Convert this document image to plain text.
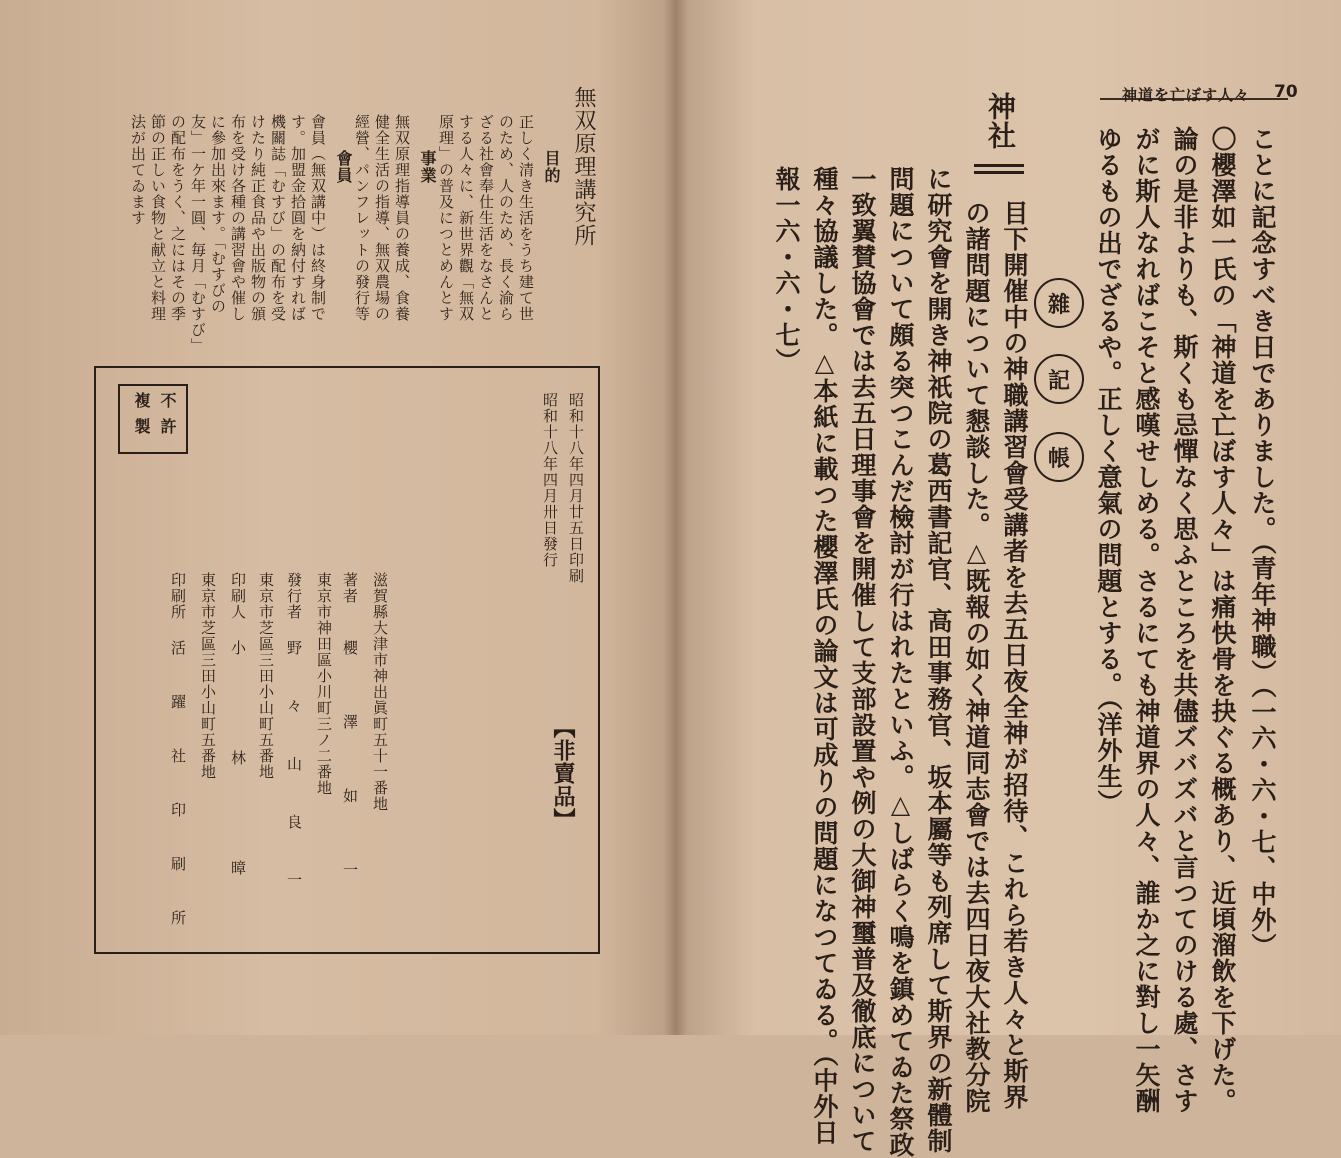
神道を亡ぼす人々 70
ことに記念すべき日でありました。（青年神職）（一六・六・七、中外）
〇櫻澤如一氏の「神道を亡ぼす人々」は痛快骨を抉ぐる概あり、近頃溜飲を下げた。
論の是非よりも、斯くも忌憚なく思ふところを共儘ズバズバと言つてのける處、さす
がに斯人なればこそと感嘆せしめる。さるにても神道界の人々、誰か之に對し一矢酬
ゆるもの出でざるや。正しく意氣の問題とする。（洋外生）
神社
雜
記
帳
目下開催中の神職講習會受講者を去五日夜全神が招待、これら若き人々と斯界
の諸問題について懇談した。△既報の如く神道同志會では去四日夜大社教分院
に研究會を開き神祇院の葛西書記官、高田事務官、坂本屬等も列席して斯界の新體制
問題について頗る突つこんだ檢討が行はれたといふ。△しばらく鳴を鎮めてゐた祭政
一致翼賛協會では去五日理事會を開催して支部設置や例の大御神璽普及徹底について
種々協議した。△本紙に載つた櫻澤氏の論文は可成りの問題になつてゐる。（中外日
報一六・六・七）
無双原理講究所
目的
正しく清き生活をうち建て世
のため、人のため、長く渝ら
ざる社會奉仕生活をなさんと
する人々に、新世界觀「無双
原理」の普及につとめんとす
事業
無双原理指導員の養成、食養
健全生活の指導、無双農場の
經營、パンフレットの發行等
會員
會員（無双講中）は終身制で
す。加盟金拾圓を納付すれば
機關誌「むすび」の配布を受
けたり純正食品や出版物の頒
布を受け各種の講習會や催し
に參加出來ます。「むすびの
友」一ケ年一圓、毎月「むすび」
の配布をうく、之にはその季
節の正しい食物と献立と料理
法が出てゐます
不許
複製	昭和十八年四月廿五日印刷
昭和十八年四月卅日發行
【非賣品】
滋賀縣大津市神出眞町五十一番地
著者
櫻　澤　如　一
東京市神田區小川町三ノ二番地
發行者
野　々　山　良　一
東京市芝區三田小山町五番地
印刷人
小　林　暲
東京市芝區三田小山町五番地
印刷所
活　躍　社　印　刷　所
